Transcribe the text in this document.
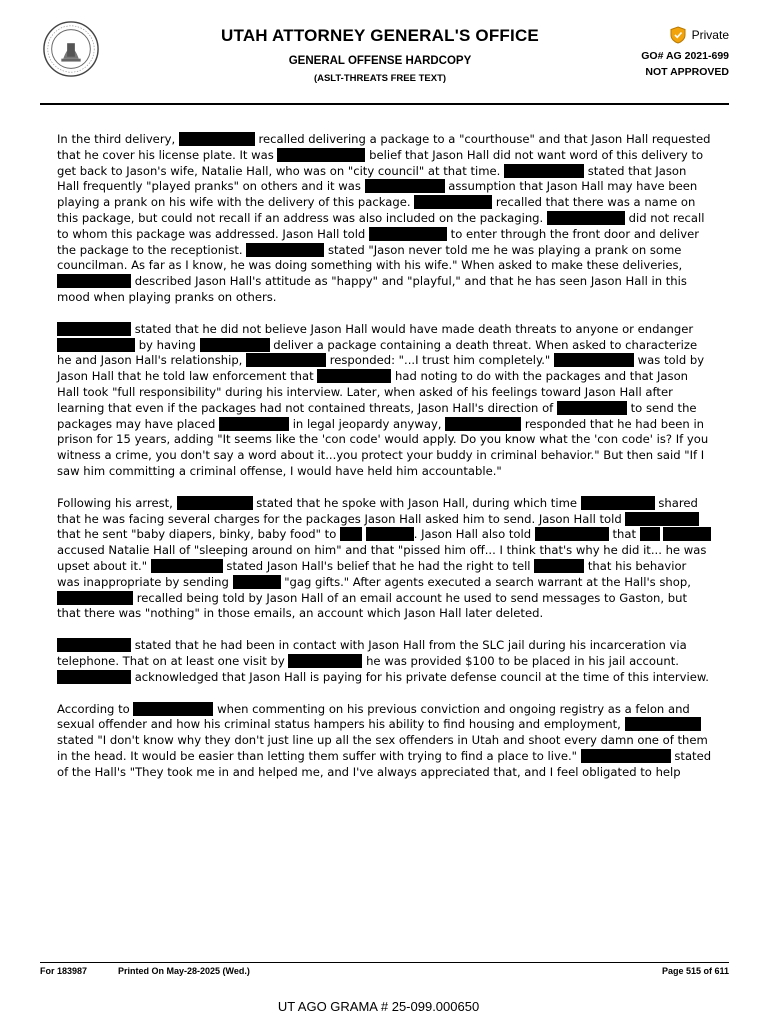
UTAH ATTORNEY GENERAL'S OFFICE
GENERAL OFFENSE HARDCOPY
(ASLT-THREATS FREE TEXT)
Private
GO# AG 2021-699
NOT APPROVED

In the third delivery,	recalled delivering a package to a "courthouse" and that Jason Hall requested that he cover his license plate. It was	belief that Jason Hall did not want word of this delivery to get back to Jason's wife, Natalie Hall, who was on "city council" at that time.	stated that Jason Hall frequently "played pranks" on others and it was	assumption that Jason Hall may have been playing a prank on his wife with the delivery of this package.	recalled that there was a name on this package, but could not recall if an address was also included on the packaging.	did not recall to whom this package was addressed. Jason Hall told	to enter through the front door and deliver the package to the receptionist.	stated "Jason never told me he was playing a prank on some councilman. As far as I know, he was doing something with his wife." When asked to make these deliveries,  described Jason Hall's attitude as "happy" and "playful," and that he has seen Jason Hall in this mood when playing pranks on others.

stated that he did not believe Jason Hall would have made death threats to anyone or endanger  by having	deliver a package containing a death threat. When asked to characterize he and Jason Hall's relationship,	responded: "...I trust him completely."	was told by Jason Hall that he told law enforcement that	had noting to do with the packages and that Jason Hall took "full responsibility" during his interview. Later, when asked of his feelings toward Jason Hall after learning that even if the packages had not contained threats, Jason Hall's direction of	to send the packages may have placed	in legal jeopardy anyway,	responded that he had been in prison for 15 years, adding "It seems like the 'con code' would apply. Do you know what the 'con code' is? If you witness a crime, you don't say a word about it...you protect your buddy in criminal behavior." But then said "If I saw him committing a criminal offense, I would have held him accountable."

Following his arrest,	stated that he spoke with Jason Hall, during which time	shared that he was facing several charges for the packages Jason Hall asked him to send. Jason Hall told  that he sent "baby diapers, binky, baby food" to	. Jason Hall also told	that   accused Natalie Hall of "sleeping around on him" and that "pissed him off... I think that's why he did it... he was upset about it."	stated Jason Hall's belief that he had the right to tell	that his behavior was inappropriate by sending	"gag gifts." After agents executed a search warrant at the Hall's shop,  recalled being told by Jason Hall of an email account he used to send messages to Gaston, but that there was "nothing" in those emails, an account which Jason Hall later deleted.

stated that he had been in contact with Jason Hall from the SLC jail during his incarceration via telephone. That on at least one visit by	he was provided $100 to be placed in his jail account.  acknowledged that Jason Hall is paying for his private defense council at the time of this interview.

According to	when commenting on his previous conviction and ongoing registry as a felon and sexual offender and how his criminal status hampers his ability to find housing and employment,  stated "I don't know why they don't just line up all the sex offenders in Utah and shoot every damn one of them in the head. It would be easier than letting them suffer with trying to find a place to live."	stated of the Hall's "They took me in and helped me, and I've always appreciated that, and I feel obligated to help

For 183987	Printed On May-28-2025 (Wed.)	Page 515 of 611
UT AGO GRAMA # 25-099.000650
